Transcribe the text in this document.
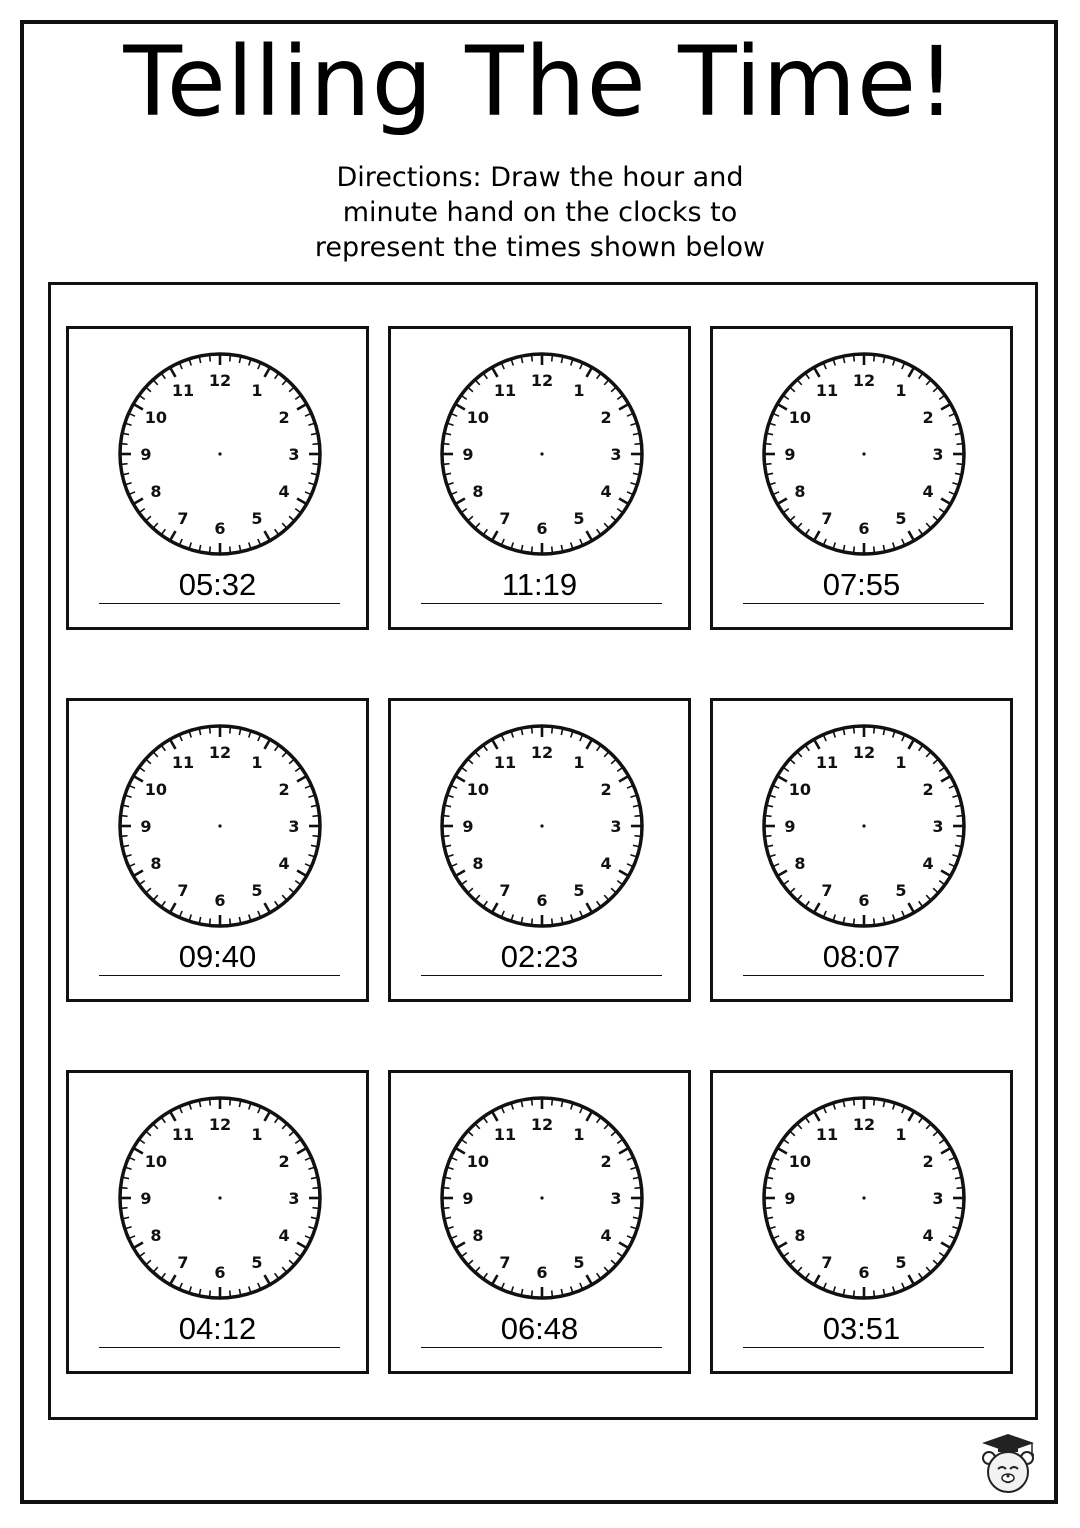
Telling The Time!
Directions: Draw the hour and
minute hand on the clocks to
represent the times shown below
12
1
2
3
4
5
6
7
8
9
10
11
05:32
12
1
2
3
4
5
6
7
8
9
10
11
11:19
12
1
2
3
4
5
6
7
8
9
10
11
07:55
12
1
2
3
4
5
6
7
8
9
10
11
09:40
12
1
2
3
4
5
6
7
8
9
10
11
02:23
12
1
2
3
4
5
6
7
8
9
10
11
08:07
12
1
2
3
4
5
6
7
8
9
10
11
04:12
12
1
2
3
4
5
6
7
8
9
10
11
06:48
12
1
2
3
4
5
6
7
8
9
10
11
03:51
